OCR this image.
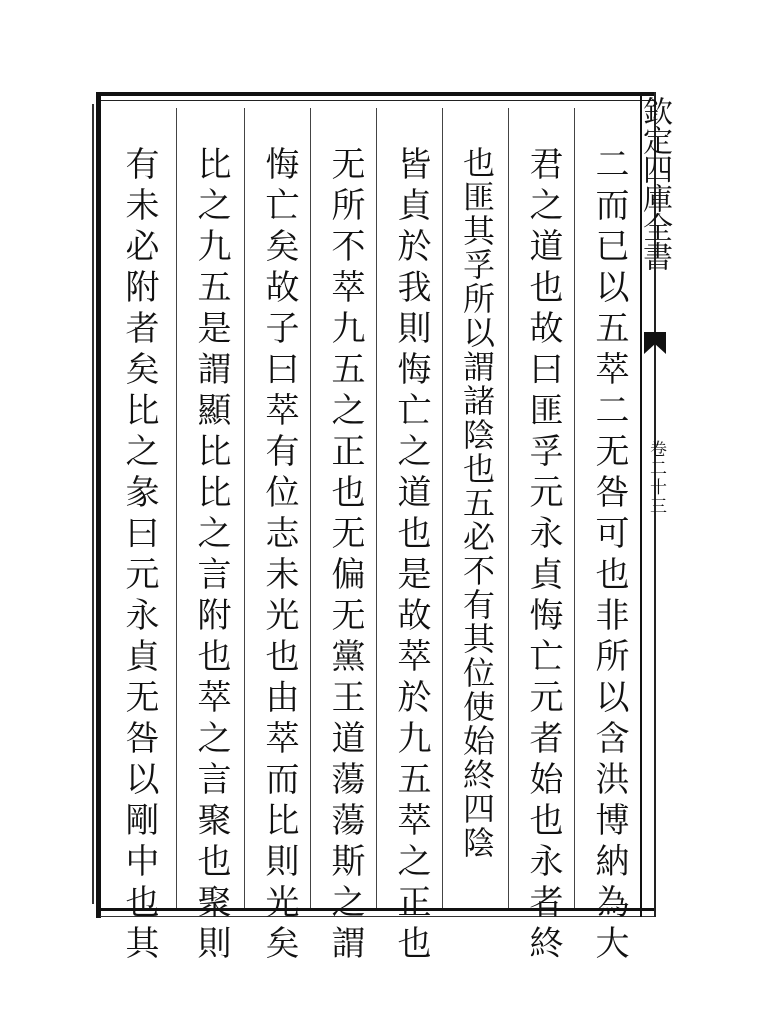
欽定四庫全書
卷二十三
二而已以五萃二无咎可也非所以含洪博納為大
君之道也故曰匪孚元永貞悔亡元者始也永者終
也匪其孚所以謂諸陰也五必不有其位使始終四陰
皆貞於我則悔亡之道也是故萃於九五萃之正也
无所不萃九五之正也无偏无黨王道蕩蕩斯之謂
悔亡矣故子曰萃有位志未光也由萃而比則光矣
比之九五是謂顯比比之言附也萃之言聚也聚則
有未必附者矣比之彖曰元永貞无咎以剛中也其
